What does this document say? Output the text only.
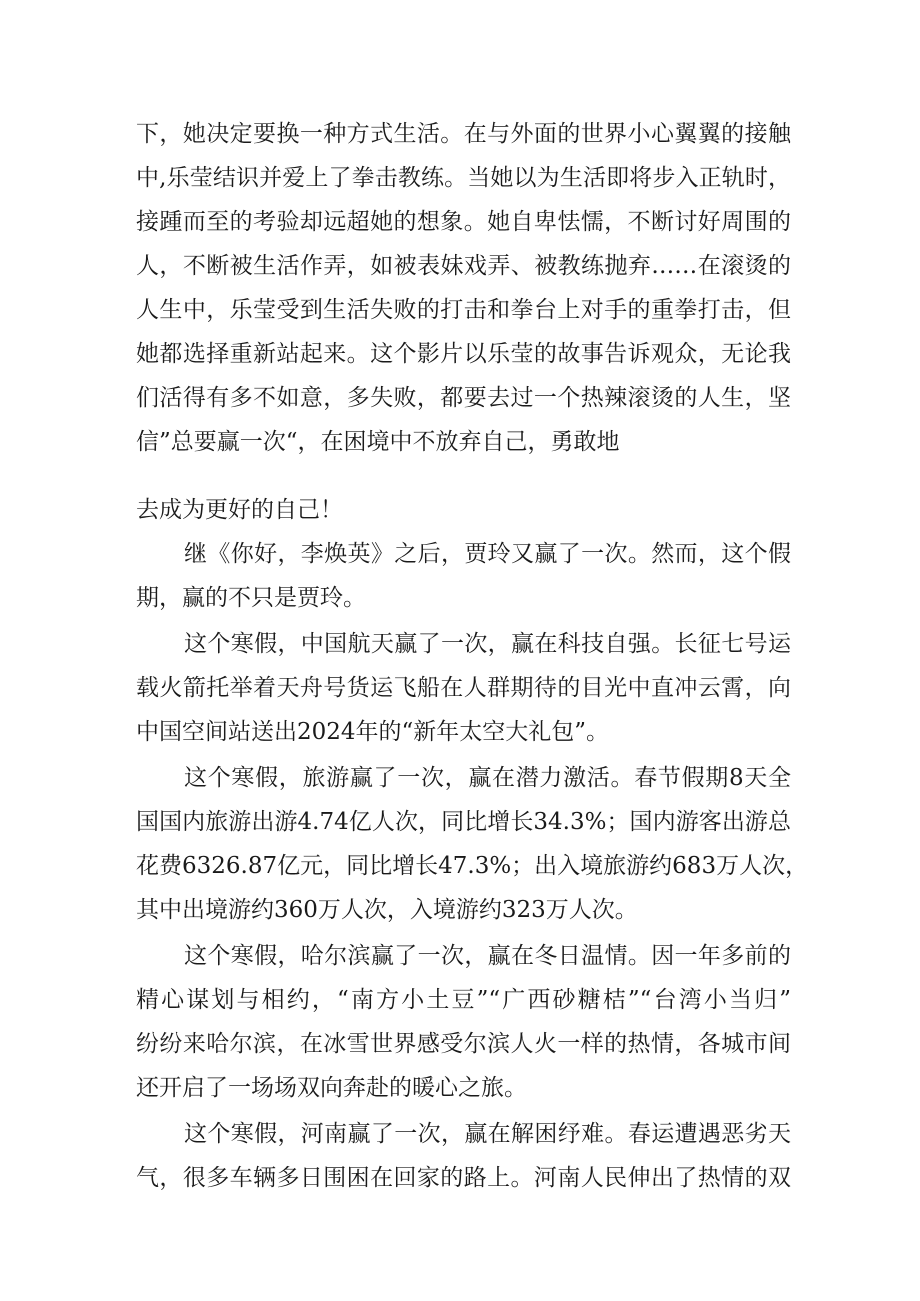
下，她决定要换一种方式生活。在与外面的世界小心翼翼的接触

中,乐莹结识并爱上了拳击教练。当她以为生活即将步入正轨时，

接踵而至的考验却远超她的想象。她自卑怯懦，不断讨好周围的

人，不断被生活作弄，如被表妹戏弄、被教练抛弃……在滚烫的

人生中，乐莹受到生活失败的打击和拳台上对手的重拳打击，但

她都选择重新站起来。这个影片以乐莹的故事告诉观众，无论我

们活得有多不如意，多失败，都要去过一个热辣滚烫的人生，坚

信”总要赢一次“，在困境中不放弃自己，勇敢地

去成为更好的自己！

继《你好，李焕英》之后，贾玲又赢了一次。然而，这个假

期，赢的不只是贾玲。

这个寒假，中国航天赢了一次，赢在科技自强。长征七号运

载火箭托举着天舟号货运飞船在人群期待的目光中直冲云霄，向

中国空间站送出2024年的“新年太空大礼包”。

这个寒假，旅游赢了一次，赢在潜力激活。春节假期8天全

国国内旅游出游4.74亿人次，同比增长34.3%；国内游客出游总

花费6326.87亿元，同比增长47.3%；出入境旅游约683万人次，

其中出境游约360万人次，入境游约323万人次。

这个寒假，哈尔滨赢了一次，赢在冬日温情。因一年多前的

精心谋划与相约，“南方小土豆”“广西砂糖桔”“台湾小当归”

纷纷来哈尔滨，在冰雪世界感受尔滨人火一样的热情，各城市间

还开启了一场场双向奔赴的暖心之旅。

这个寒假，河南赢了一次，赢在解困纾难。春运遭遇恶劣天

气，很多车辆多日围困在回家的路上。河南人民伸出了热情的双
